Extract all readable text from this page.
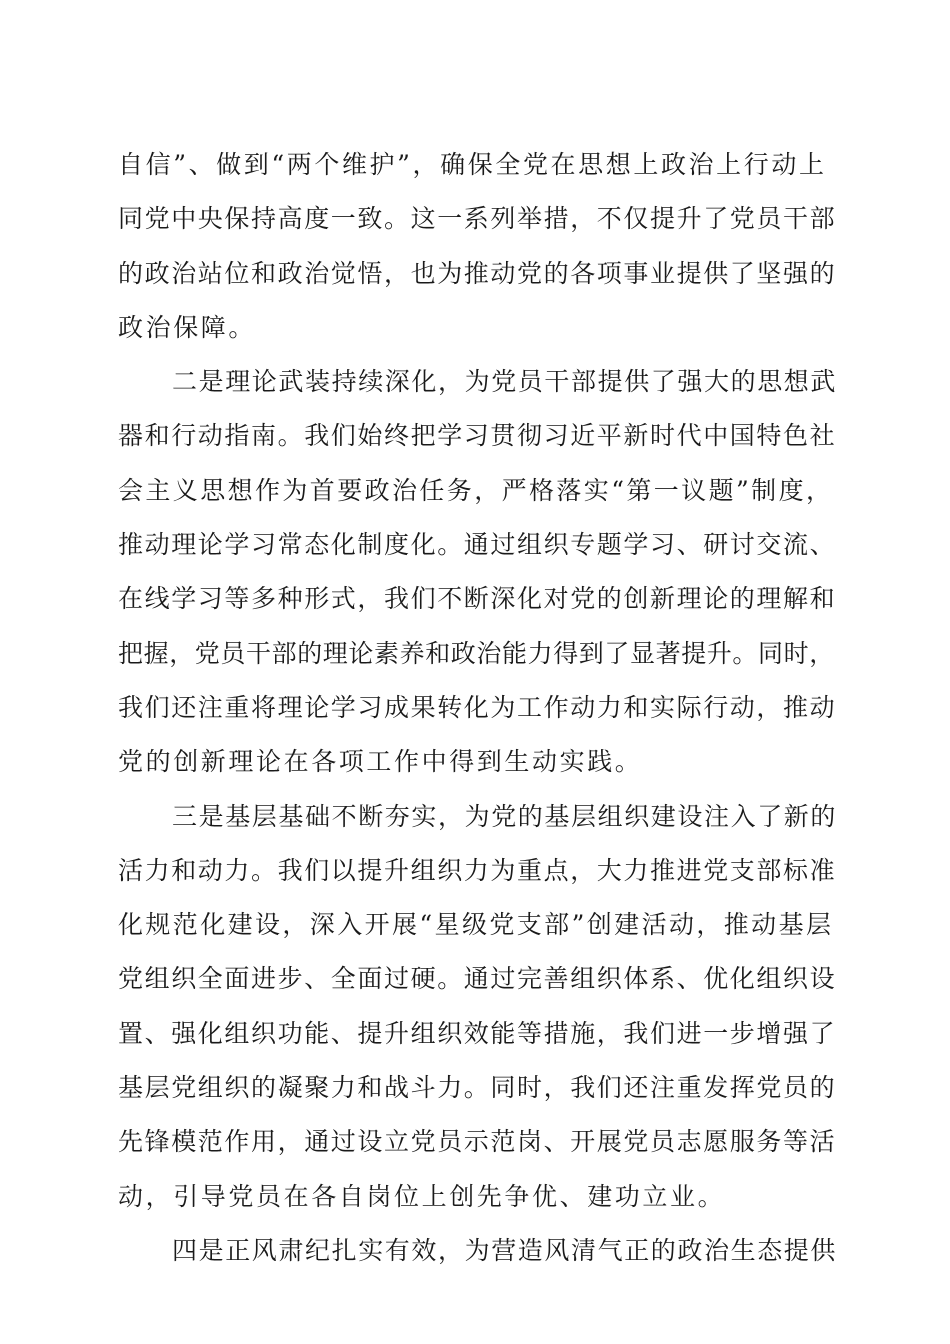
自信”、做到“两个维护”，确保全党在思想上政治上行动上
同党中央保持高度一致。这一系列举措，不仅提升了党员干部
的政治站位和政治觉悟，也为推动党的各项事业提供了坚强的
政治保障。
二是理论武装持续深化，为党员干部提供了强大的思想武
器和行动指南。我们始终把学习贯彻习近平新时代中国特色社
会主义思想作为首要政治任务，严格落实“第一议题”制度，
推动理论学习常态化制度化。通过组织专题学习、研讨交流、
在线学习等多种形式，我们不断深化对党的创新理论的理解和
把握，党员干部的理论素养和政治能力得到了显著提升。同时，
我们还注重将理论学习成果转化为工作动力和实际行动，推动
党的创新理论在各项工作中得到生动实践。
三是基层基础不断夯实，为党的基层组织建设注入了新的
活力和动力。我们以提升组织力为重点，大力推进党支部标准
化规范化建设，深入开展“星级党支部”创建活动，推动基层
党组织全面进步、全面过硬。通过完善组织体系、优化组织设
置、强化组织功能、提升组织效能等措施，我们进一步增强了
基层党组织的凝聚力和战斗力。同时，我们还注重发挥党员的
先锋模范作用，通过设立党员示范岗、开展党员志愿服务等活
动，引导党员在各自岗位上创先争优、建功立业。
四是正风肃纪扎实有效，为营造风清气正的政治生态提供
